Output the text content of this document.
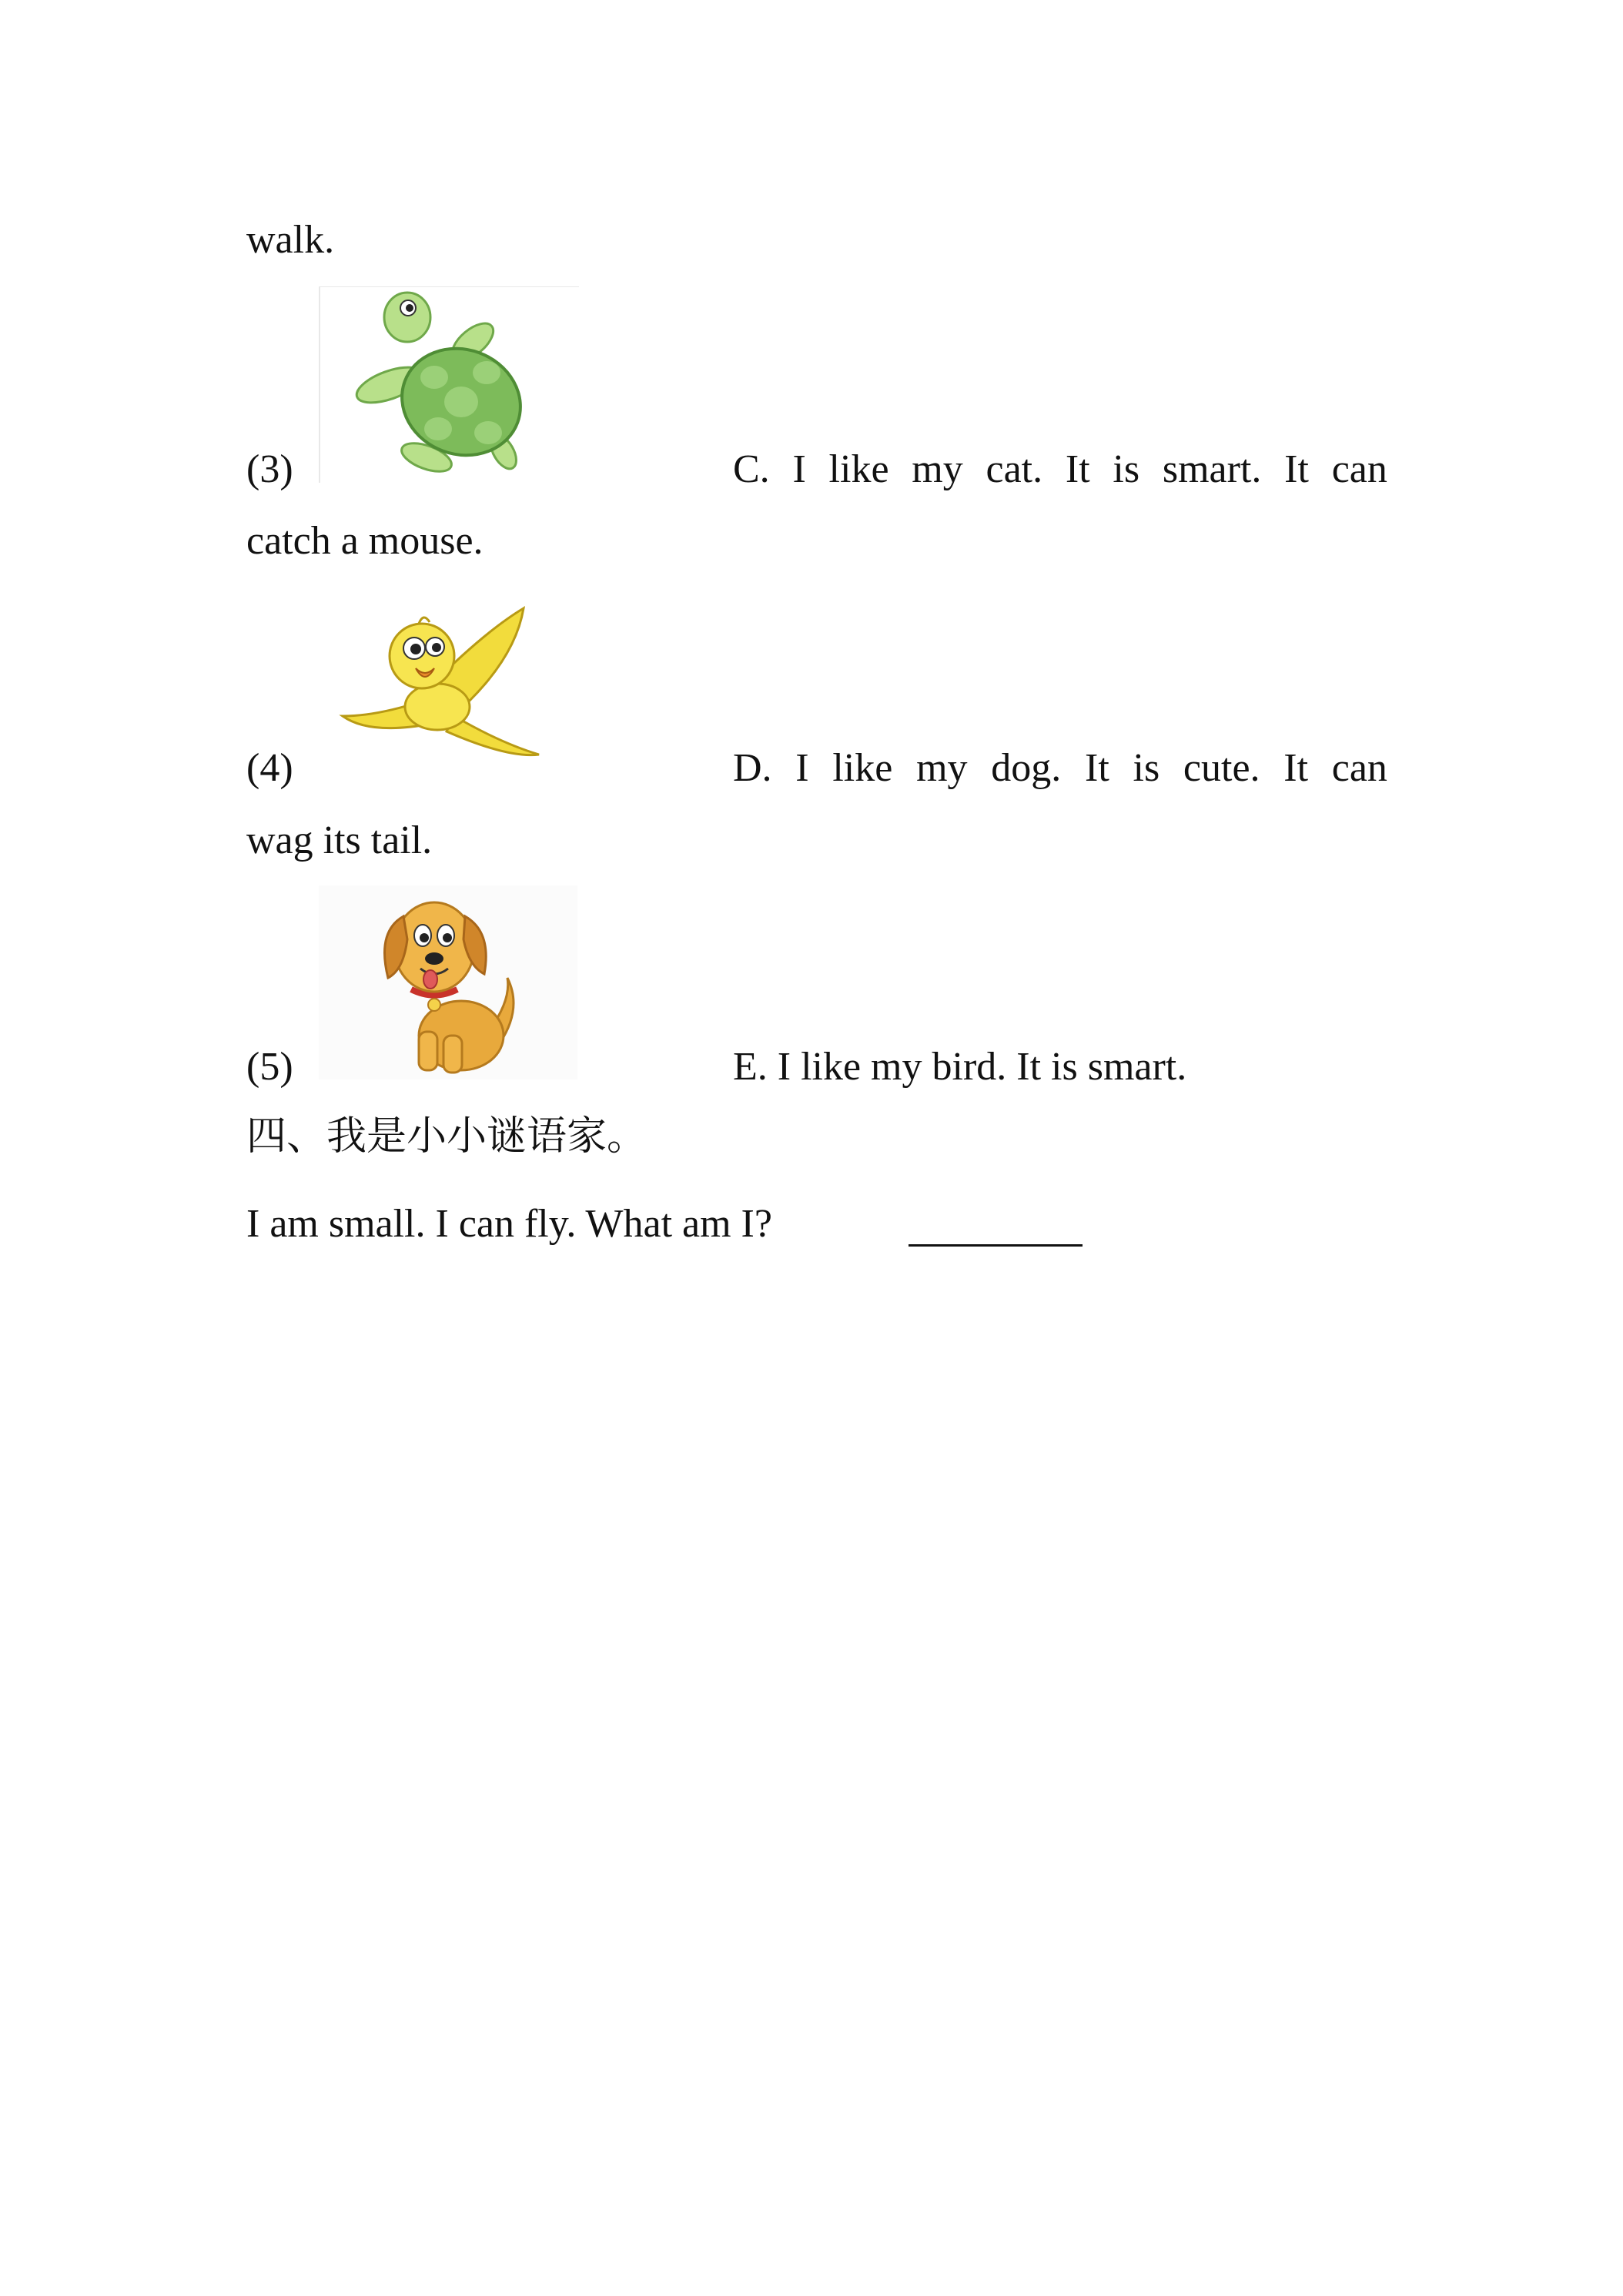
walk.
(3)	C. I like my cat. It is smart. It can
catch a mouse.
(4)	D. I like my dog. It is cute. It can
wag its tail.
(5)	E. I like my bird. It is smart.
四、我是小小谜语家。
I am small. I can fly. What am I?
